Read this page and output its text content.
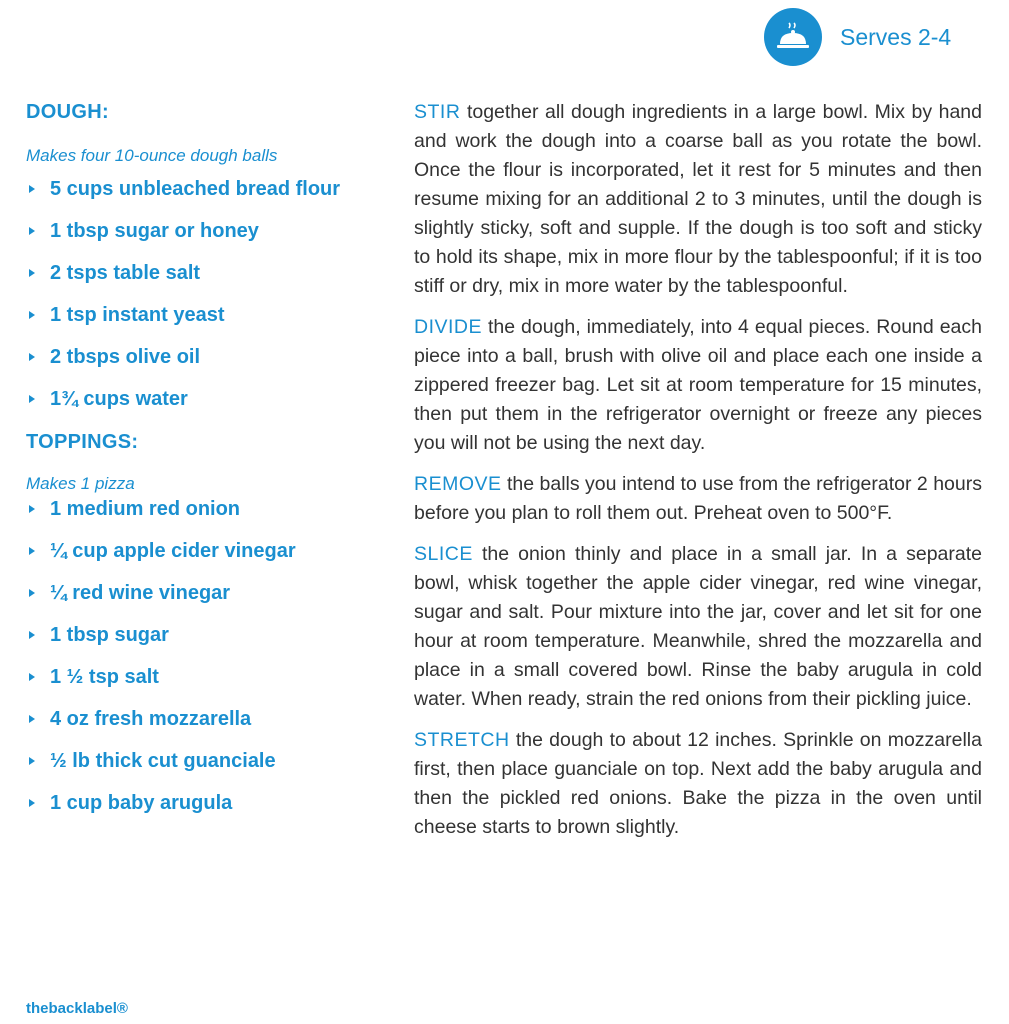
Serves 2-4
DOUGH:

Makes four 10-ounce dough balls

5 cups unbleached bread flour
1 tbsp sugar or honey
2 tsps table salt
1 tsp instant yeast
2 tbsps olive oil
1¾ cups water
TOPPINGS:

Makes 1 pizza

1 medium red onion
¼ cup apple cider vinegar
¼ red wine vinegar
1 tbsp sugar
1 ½ tsp salt
4 oz fresh mozzarella
½ lb thick cut guanciale
1 cup baby arugula

STIR together all dough ingredients in a large bowl. Mix by hand and work the dough into a coarse ball as you rotate the bowl. Once the flour is incorporated, let it rest for 5 minutes and then resume mixing for an additional 2 to 3 minutes, until the dough is slightly sticky, soft and supple. If the dough is too soft and sticky to hold its shape, mix in more flour by the tablespoonful; if it is too stiff or dry, mix in more water by the tablespoonful.

DIVIDE the dough, immediately, into 4 equal pieces. Round each piece into a ball, brush with olive oil and place each one inside a zippered freezer bag. Let sit at room temperature for 15 minutes, then put them in the refrigerator overnight or freeze any pieces you will not be using the next day.

REMOVE the balls you intend to use from the refrigerator 2 hours before you plan to roll them out. Preheat oven to 500°F.

SLICE the onion thinly and place in a small jar. In a separate bowl, whisk together the apple cider vinegar, red wine vinegar, sugar and salt. Pour mixture into the jar, cover and let sit for one hour at room temperature. Meanwhile, shred the mozzarella and place in a small covered bowl. Rinse the baby arugula in cold water. When ready, strain the red onions from their pickling juice.

STRETCH the dough to about 12 inches. Sprinkle on mozzarella first, then place guanciale on top. Next add the baby arugula and then the pickled red onions. Bake the pizza in the oven until cheese starts to brown slightly.

thebacklabel®
